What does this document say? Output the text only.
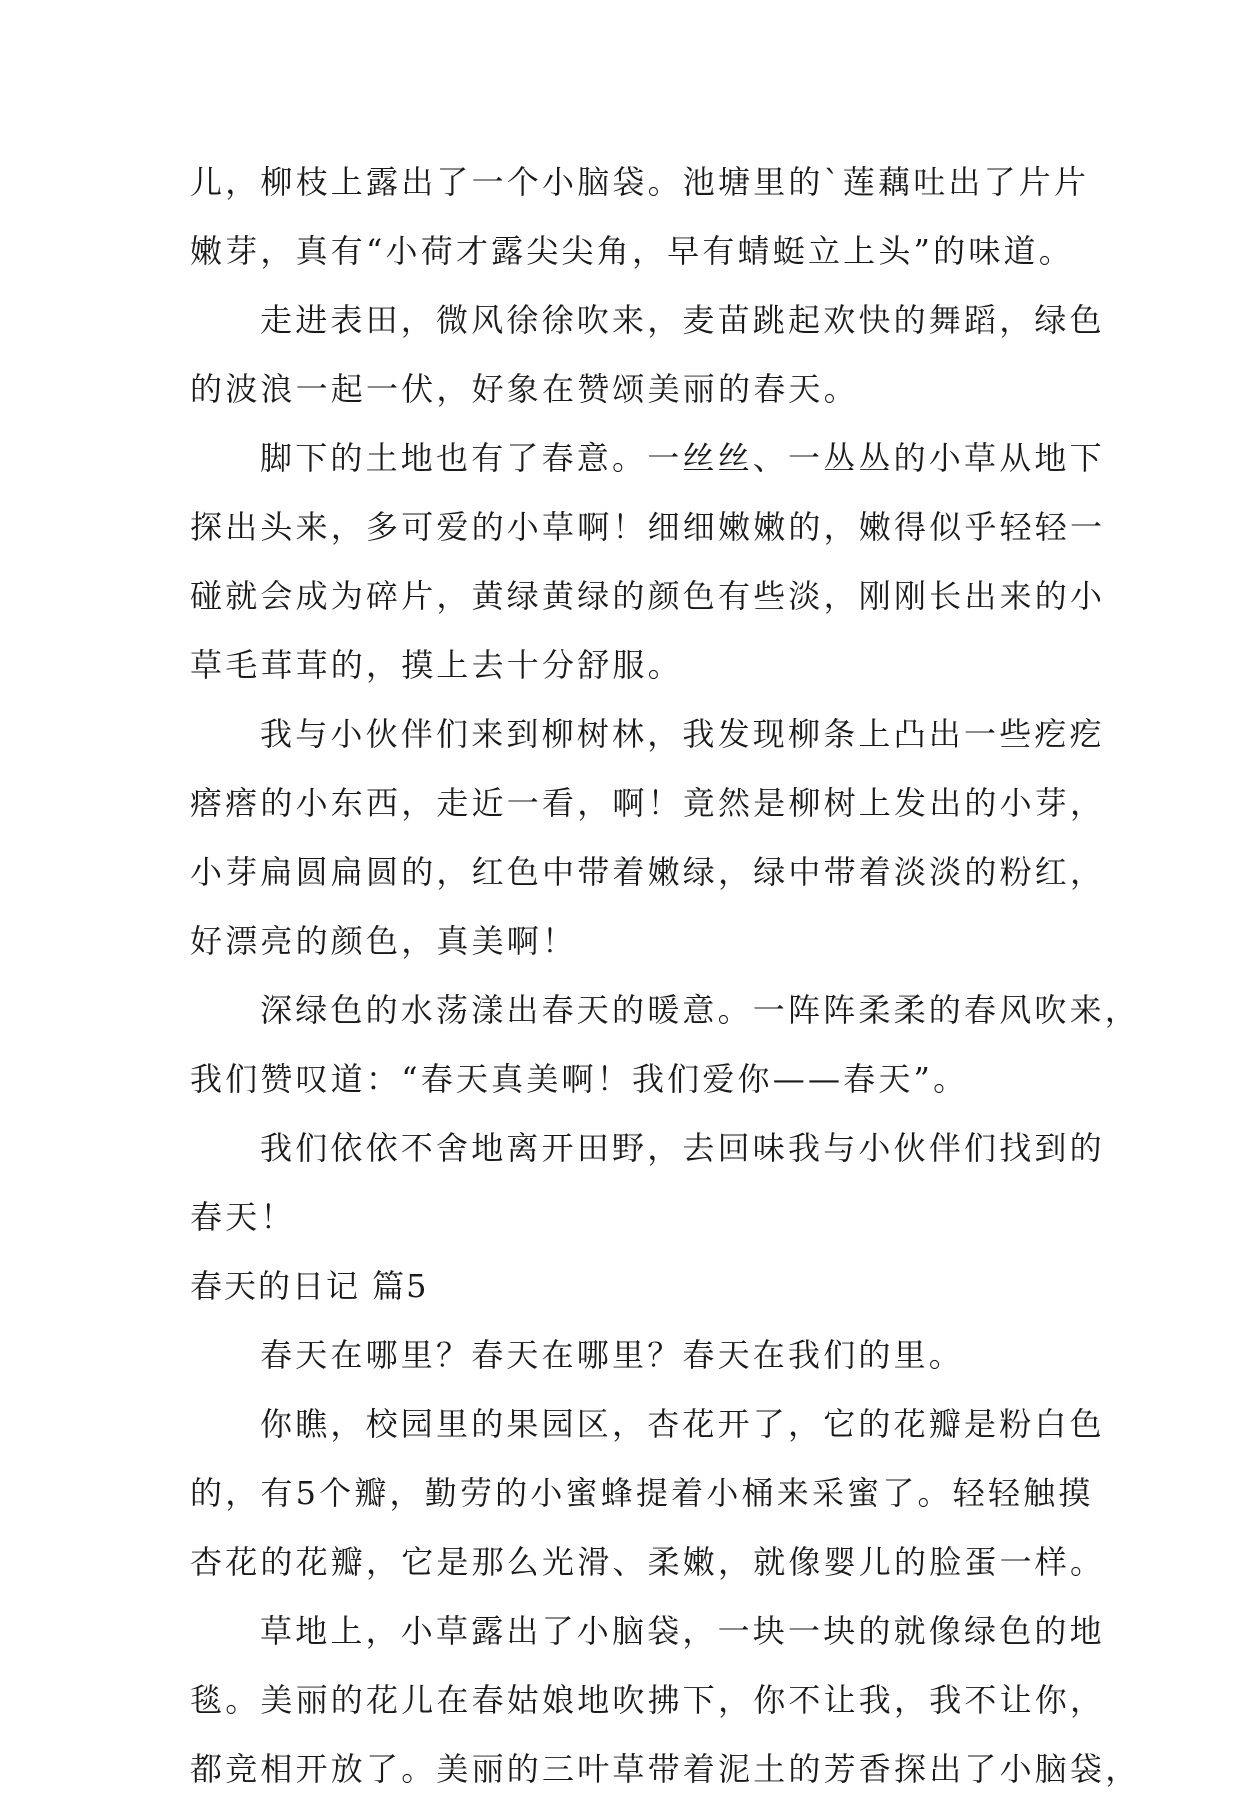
儿，柳枝上露出了一个小脑袋。池塘里的`莲藕吐出了片片
嫩芽，真有“小荷才露尖尖角，早有蜻蜓立上头”的味道。
走进表田，微风徐徐吹来，麦苗跳起欢快的舞蹈，绿色
的波浪一起一伏，好象在赞颂美丽的春天。
脚下的土地也有了春意。一丝丝、一丛丛的小草从地下
探出头来，多可爱的小草啊！细细嫩嫩的，嫩得似乎轻轻一
碰就会成为碎片，黄绿黄绿的颜色有些淡，刚刚长出来的小
草毛茸茸的，摸上去十分舒服。
我与小伙伴们来到柳树林，我发现柳条上凸出一些疙疙
瘩瘩的小东西，走近一看，啊！竟然是柳树上发出的小芽，
小芽扁圆扁圆的，红色中带着嫩绿，绿中带着淡淡的粉红，
好漂亮的颜色，真美啊！
深绿色的水荡漾出春天的暖意。一阵阵柔柔的春风吹来，
我们赞叹道：“春天真美啊！我们爱你——春天”。
我们依依不舍地离开田野，去回味我与小伙伴们找到的
春天！
春天的日记 篇5
春天在哪里？春天在哪里？春天在我们的里。
你瞧，校园里的果园区，杏花开了，它的花瓣是粉白色
的，有5个瓣，勤劳的小蜜蜂提着小桶来采蜜了。轻轻触摸
杏花的花瓣，它是那么光滑、柔嫩，就像婴儿的脸蛋一样。
草地上，小草露出了小脑袋，一块一块的就像绿色的地
毯。美丽的花儿在春姑娘地吹拂下，你不让我，我不让你，
都竞相开放了。美丽的三叶草带着泥土的芳香探出了小脑袋，
